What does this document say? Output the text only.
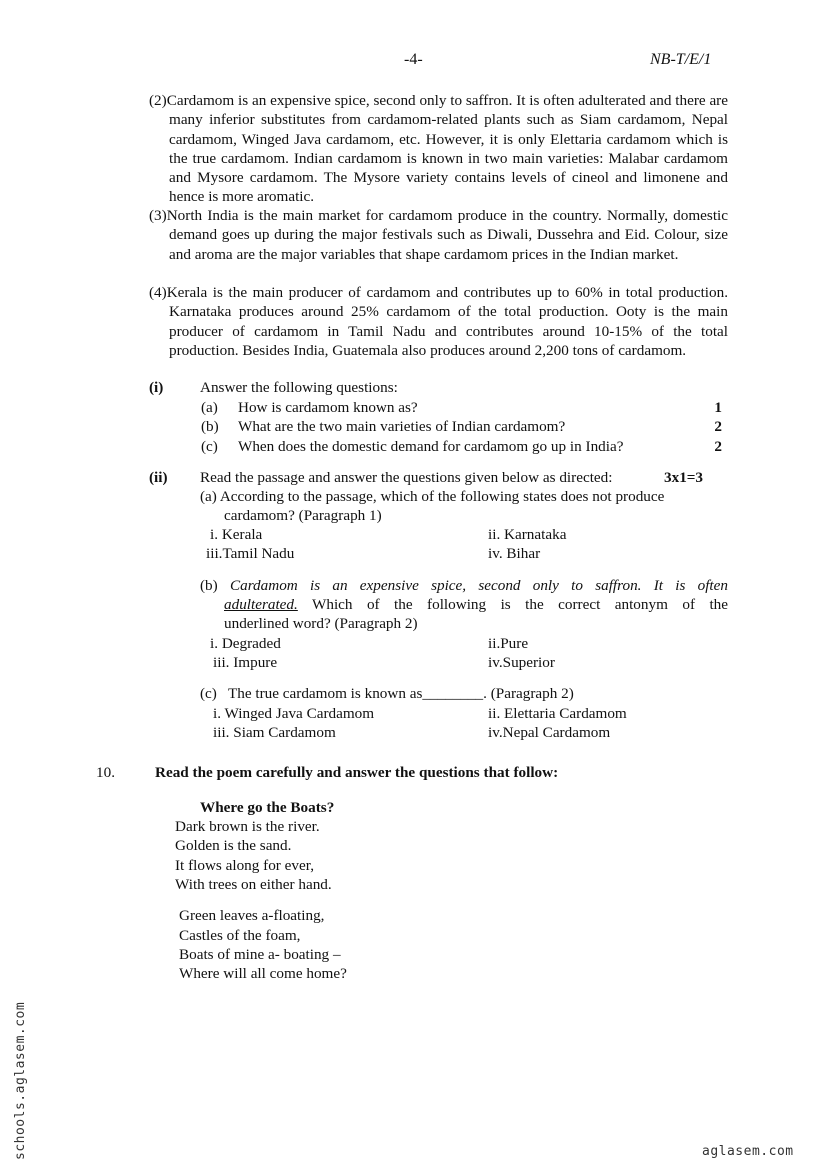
-4-	NB-T/E/1
(2)Cardamom is an expensive spice, second only to saffron. It is often adulterated and there are many inferior substitutes from cardamom-related plants such as Siam cardamom, Nepal cardamom, Winged Java cardamom, etc. However, it is only Elettaria cardamom which is the true cardamom. Indian cardamom is known in two main varieties: Malabar cardamom and Mysore cardamom. The Mysore variety contains levels of cineol and limonene and hence is more aromatic.
(3)North India is the main market for cardamom produce in the country. Normally, domestic demand goes up during the major festivals such as Diwali, Dussehra and Eid. Colour, size and aroma are the major variables that shape cardamom prices in the Indian market.
(4)Kerala is the main producer of cardamom and contributes up to 60% in total production. Karnataka produces around 25% cardamom of the total production. Ooty is the main producer of cardamom in Tamil Nadu and contributes around 10-15% of the total production. Besides India, Guatemala also produces around 2,200 tons of cardamom.
(i) Answer the following questions:
(a) How is cardamom known as?	1
(b) What are the two main varieties of Indian cardamom?	2
(c) When does the domestic demand for cardamom go up in India?	2
(ii) Read the passage and answer the questions given below as directed:	3x1=3
(a) According to the passage, which of the following states does not produce
cardamom? (Paragraph 1)
i. Kerala	ii. Karnataka
iii.Tamil Nadu	iv. Bihar
(b) Cardamom is an expensive spice, second only to saffron. It is often
adulterated. Which of the following is the correct antonym of the
underlined word? (Paragraph 2)
i. Degraded	ii.Pure
iii. Impure	iv.Superior
(c)   The true cardamom is known as________. (Paragraph 2)
i. Winged Java Cardamom	ii. Elettaria Cardamom
iii. Siam Cardamom	iv.Nepal Cardamom
10.	Read the poem carefully and answer the questions that follow:
Where go the Boats?
Dark brown is the river.
Golden is the sand.
It flows along for ever,
With trees on either hand.
Green leaves a-floating,
Castles of the foam,
Boats of mine a- boating –
Where will all come home?
schools.aglasem.com	aglasem.com
